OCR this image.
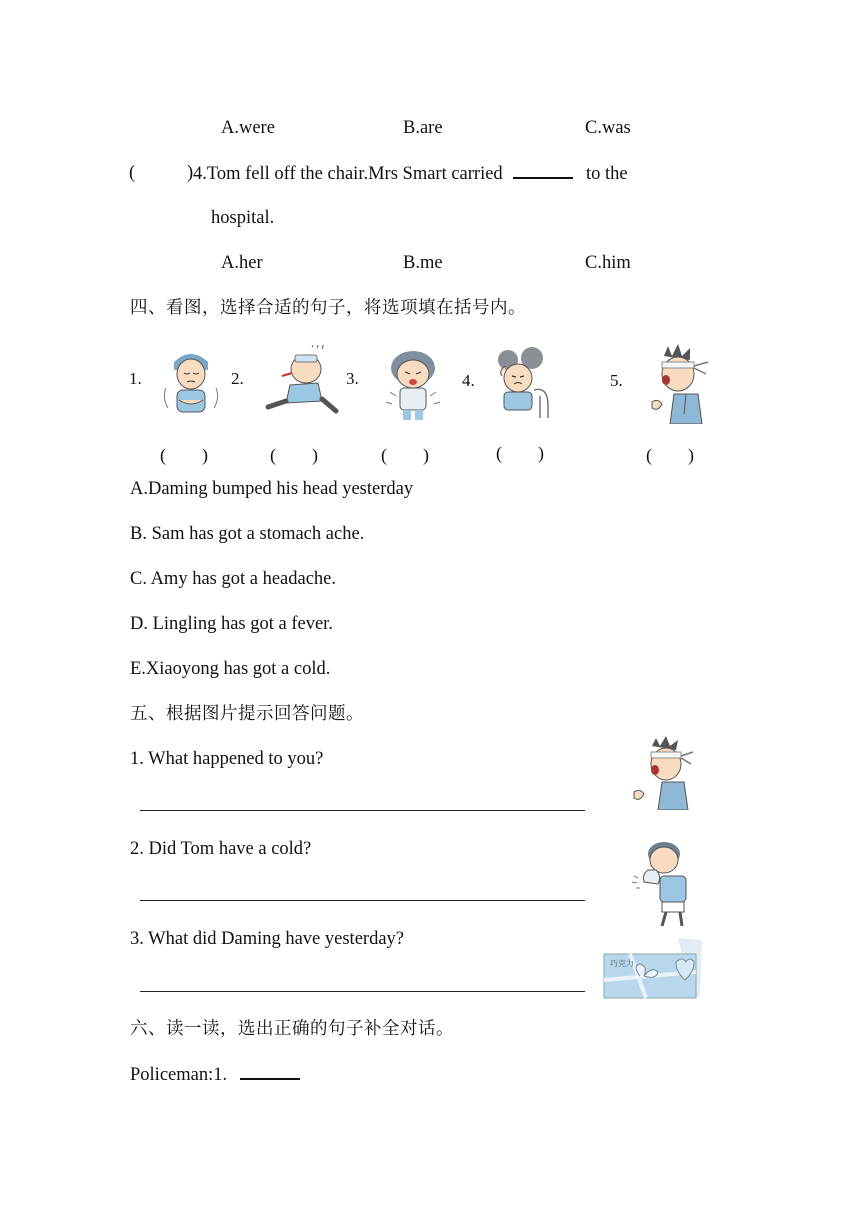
A.were	B.are	C.was
(	) 4.Tom fell off the chair.Mrs Smart carried	to the
hospital.
A.her	B.me	C.him
四、看图，选择合适的句子，将选项填在括号内。
1.	2.	3.	4.	5.
(　　)	(　　)	(　　)	(　　)	(　　)
A.Daming bumped his head yesterday
B. Sam has got a stomach ache.
C. Amy has got a headache.
D. Lingling has got a fever.
E.Xiaoyong has got a cold.
五、根据图片提示回答问题。
1. What happened to you?
2. Did Tom have a cold?
3. What did Daming have yesterday?
巧克力
六、读一读，选出正确的句子补全对话。
Policeman:1.
